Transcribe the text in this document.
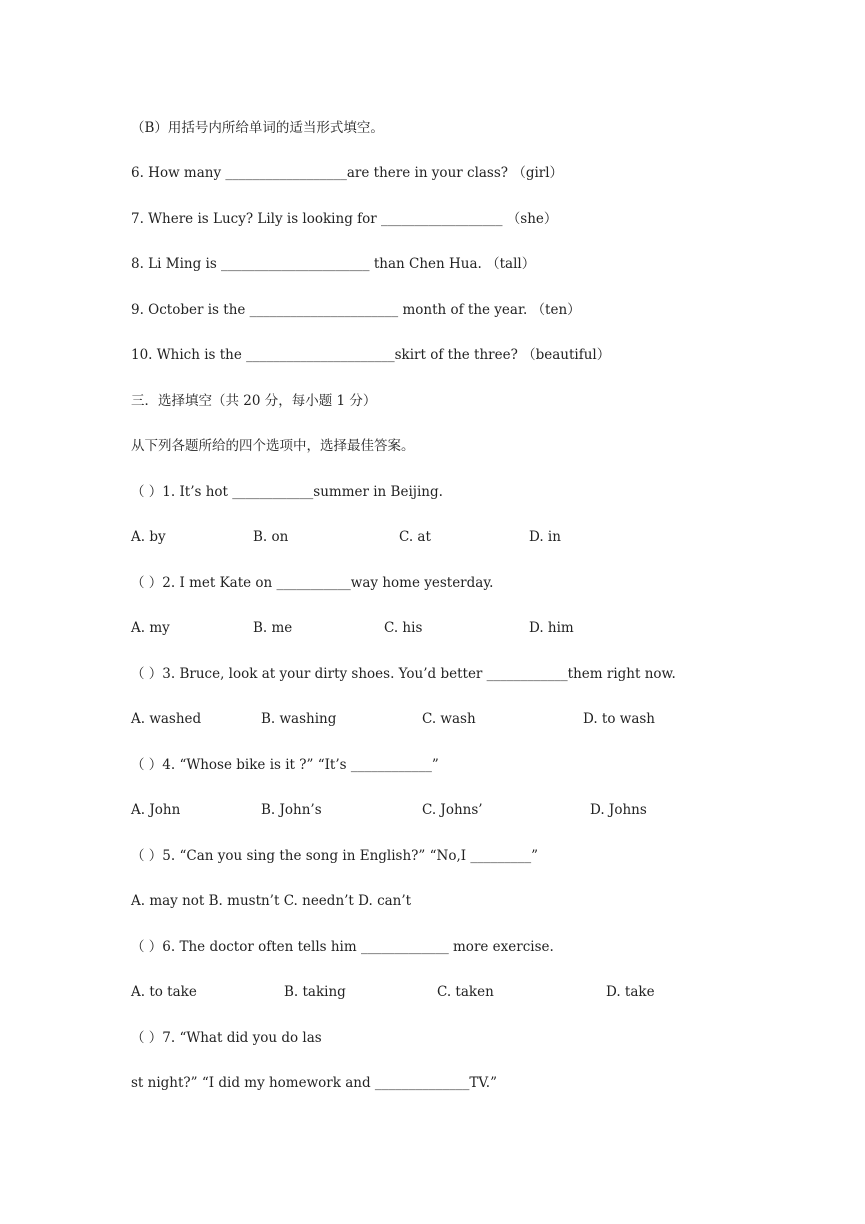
（B）用括号内所给单词的适当形式填空。
6. How many __________________are there in your class? （girl）
7. Where is Lucy? Lily is looking for __________________ （she）
8. Li Ming is ______________________ than Chen Hua. （tall）
9. October is the ______________________ month of the year. （ten）
10. Which is the ______________________skirt of the three? （beautiful）
三．选择填空（共 20 分，每小题 1 分）
从下列各题所给的四个选项中，选择最佳答案。
（ ）1. It’s hot ____________summer in Beijing.
A. by	B. on	C. at	D. in
（ ）2. I met Kate on ___________way home yesterday.
A. my	B. me	C. his	D. him
（ ）3. Bruce, look at your dirty shoes. You’d better ____________them right now.
A. washed	B. washing	C. wash	D. to wash
（ ）4. “Whose bike is it ?” “It’s ____________”
A. John	B. John’s	C. Johns’	D. Johns
（ ）5. “Can you sing the song in English?” “No,I _________”
A. may not B. mustn’t C. needn’t D. can’t
（ ）6. The doctor often tells him _____________ more exercise.
A. to take	B. taking	C. taken	D. take
（ ）7. “What did you do las
st night?” “I did my homework and ______________TV.”
